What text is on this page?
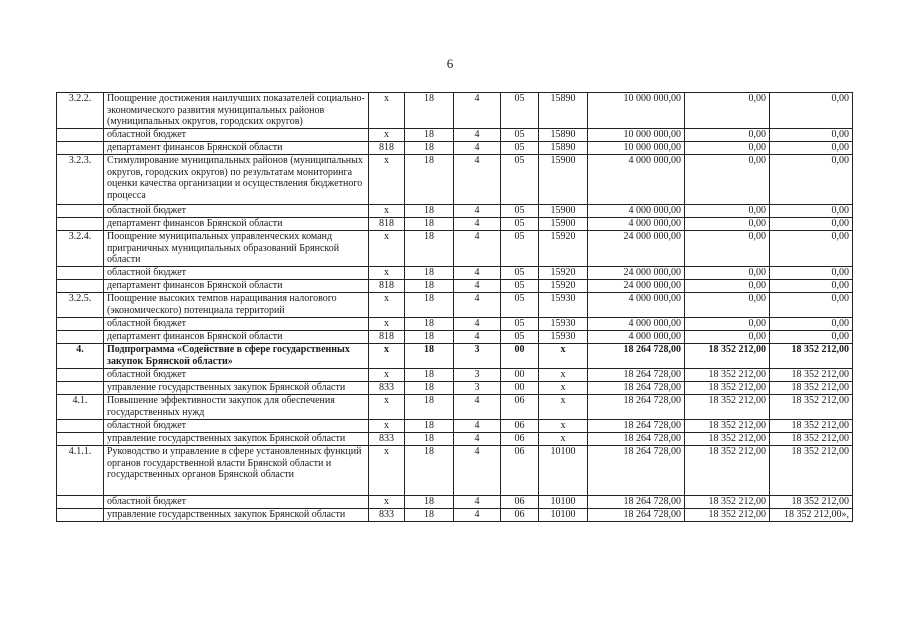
6
3.2.2.	Поощрение достижения наилучших показателей социально-экономического развития муниципальных районов (муниципальных округов, городских округов)	х	18	4	05	15890	10 000 000,00	0,00	0,00
	областной бюджет	х	18	4	05	15890	10 000 000,00	0,00	0,00
	департамент финансов Брянской области	818	18	4	05	15890	10 000 000,00	0,00	0,00
3.2.3.	Стимулирование муниципальных районов (муниципальных округов, городских округов) по результатам мониторинга оценки качества организации и осуществления бюджетного процесса	х	18	4	05	15900	4 000 000,00	0,00	0,00
	областной бюджет	х	18	4	05	15900	4 000 000,00	0,00	0,00
	департамент финансов Брянской области	818	18	4	05	15900	4 000 000,00	0,00	0,00
3.2.4.	Поощрение муниципальных управленческих команд приграничных муниципальных образований Брянской области	х	18	4	05	15920	24 000 000,00	0,00	0,00
	областной бюджет	х	18	4	05	15920	24 000 000,00	0,00	0,00
	департамент финансов Брянской области	818	18	4	05	15920	24 000 000,00	0,00	0,00
3.2.5.	Поощрение высоких темпов наращивания налогового (экономического) потенциала территорий	х	18	4	05	15930	4 000 000,00	0,00	0,00
	областной бюджет	х	18	4	05	15930	4 000 000,00	0,00	0,00
	департамент финансов Брянской области	818	18	4	05	15930	4 000 000,00	0,00	0,00
4.	Подпрограмма «Содействие в сфере государственных закупок Брянской области»	х	18	3	00	х	18 264 728,00	18 352 212,00	18 352 212,00
	областной бюджет	х	18	3	00	х	18 264 728,00	18 352 212,00	18 352 212,00
	управление государственных закупок Брянской области	833	18	3	00	х	18 264 728,00	18 352 212,00	18 352 212,00
4.1.	Повышение эффективности закупок для обеспечения государственных нужд	х	18	4	06	х	18 264 728,00	18 352 212,00	18 352 212,00
	областной бюджет	х	18	4	06	х	18 264 728,00	18 352 212,00	18 352 212,00
	управление государственных закупок Брянской области	833	18	4	06	х	18 264 728,00	18 352 212,00	18 352 212,00
4.1.1.	Руководство и управление в сфере установленных функций органов государственной власти Брянской области и государственных органов Брянской области	х	18	4	06	10100	18 264 728,00	18 352 212,00	18 352 212,00
	областной бюджет	х	18	4	06	10100	18 264 728,00	18 352 212,00	18 352 212,00
	управление государственных закупок Брянской области	833	18	4	06	10100	18 264 728,00	18 352 212,00	18 352 212,00»,
